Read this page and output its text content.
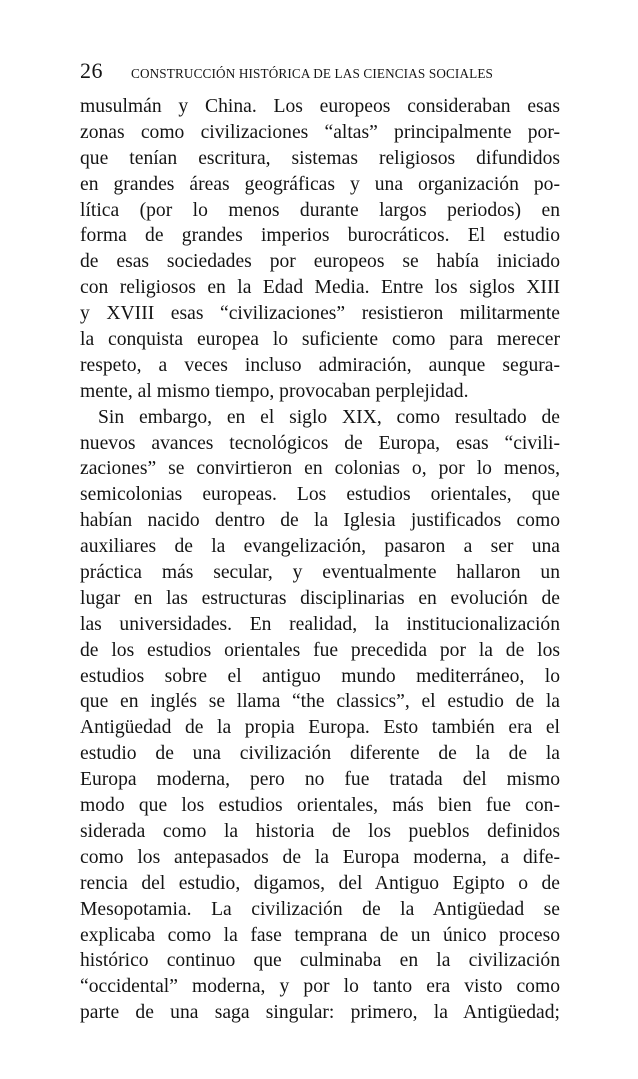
26 CONSTRUCCIÓN HISTÓRICA DE LAS CIENCIAS SOCIALES
musulmán y China. Los europeos consideraban esas
zonas como civilizaciones “altas” principalmente por-
que tenían escritura, sistemas religiosos difundidos
en grandes áreas geográficas y una organización po-
lítica (por lo menos durante largos periodos) en
forma de grandes imperios burocráticos. El estudio
de esas sociedades por europeos se había iniciado
con religiosos en la Edad Media. Entre los siglos XIII
y XVIII esas “civilizaciones” resistieron militarmente
la conquista europea lo suficiente como para merecer
respeto, a veces incluso admiración, aunque segura-
mente, al mismo tiempo, provocaban perplejidad.
Sin embargo, en el siglo XIX, como resultado de
nuevos avances tecnológicos de Europa, esas “civili-
zaciones” se convirtieron en colonias o, por lo menos,
semicolonias europeas. Los estudios orientales, que
habían nacido dentro de la Iglesia justificados como
auxiliares de la evangelización, pasaron a ser una
práctica más secular, y eventualmente hallaron un
lugar en las estructuras disciplinarias en evolución de
las universidades. En realidad, la institucionalización
de los estudios orientales fue precedida por la de los
estudios sobre el antiguo mundo mediterráneo, lo
que en inglés se llama “the classics”, el estudio de la
Antigüedad de la propia Europa. Esto también era el
estudio de una civilización diferente de la de la
Europa moderna, pero no fue tratada del mismo
modo que los estudios orientales, más bien fue con-
siderada como la historia de los pueblos definidos
como los antepasados de la Europa moderna, a dife-
rencia del estudio, digamos, del Antiguo Egipto o de
Mesopotamia. La civilización de la Antigüedad se
explicaba como la fase temprana de un único proceso
histórico continuo que culminaba en la civilización
“occidental” moderna, y por lo tanto era visto como
parte de una saga singular: primero, la Antigüedad;
